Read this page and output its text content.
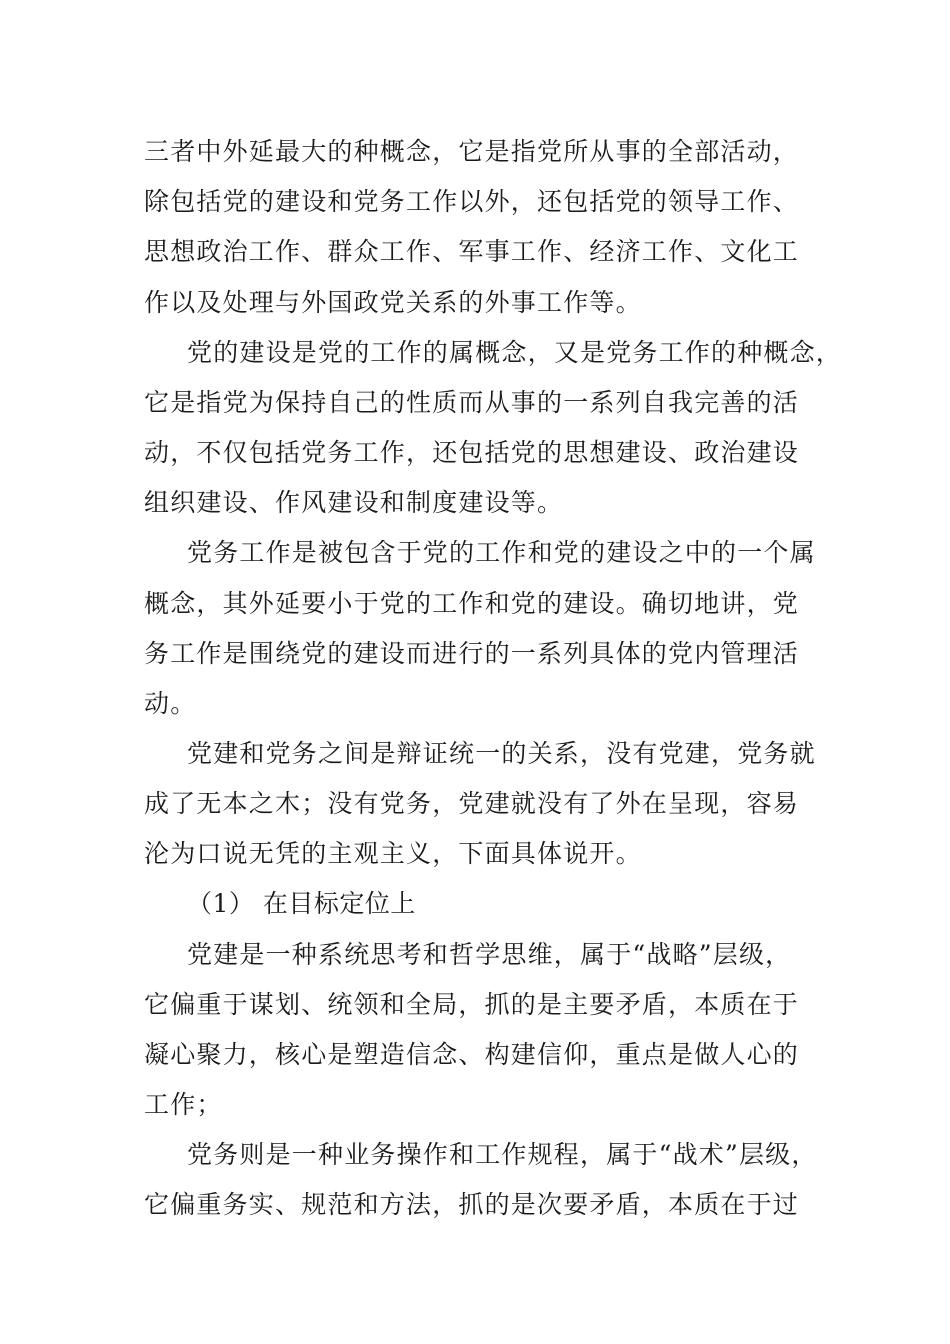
三者中外延最大的种概念，它是指党所从事的全部活动，
除包括党的建设和党务工作以外，还包括党的领导工作、
思想政治工作、群众工作、军事工作、经济工作、文化工
作以及处理与外国政党关系的外事工作等。
党的建设是党的工作的属概念，又是党务工作的种概念，
它是指党为保持自己的性质而从事的一系列自我完善的活
动，不仅包括党务工作，还包括党的思想建设、政治建设
组织建设、作风建设和制度建设等。
党务工作是被包含于党的工作和党的建设之中的一个属
概念，其外延要小于党的工作和党的建设。确切地讲，党
务工作是围绕党的建设而进行的一系列具体的党内管理活
动。
党建和党务之间是辩证统一的关系，没有党建，党务就
成了无本之木；没有党务，党建就没有了外在呈现，容易
沦为口说无凭的主观主义，下面具体说开。
（1） 在目标定位上
党建是一种系统思考和哲学思维，属于“战略”层级，
它偏重于谋划、统领和全局，抓的是主要矛盾，本质在于
凝心聚力，核心是塑造信念、构建信仰，重点是做人心的
工作；
党务则是一种业务操作和工作规程，属于“战术”层级，
它偏重务实、规范和方法，抓的是次要矛盾，本质在于过
